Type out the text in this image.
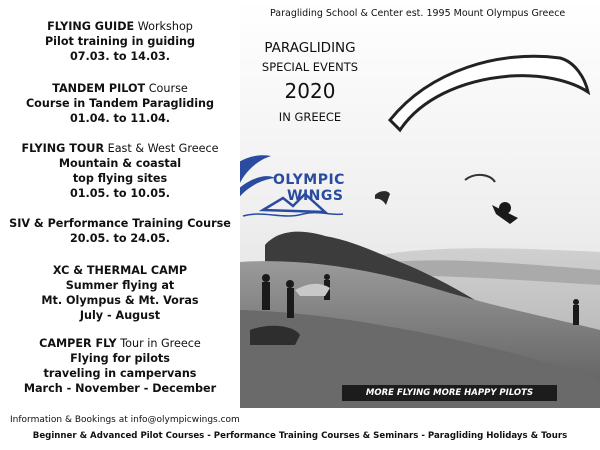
Paragliding School & Center est. 1995 Mount Olympus Greece
PARAGLIDING
SPECIAL EVENTS
2020
IN GREECE
OLYMPIC
WINGS
MORE FLYING MORE HAPPY PILOTS
FLYING GUIDE Workshop
Pilot training in guiding
07.03. to 14.03.
TANDEM PILOT Course
Course in Tandem Paragliding
01.04. to 11.04.
FLYING TOUR East & West Greece
Mountain & coastal
top flying sites
01.05. to 10.05.
SIV & Performance Training Course
20.05. to 24.05.
XC & THERMAL CAMP
Summer flying at
Mt. Olympus & Mt. Voras
July - August
CAMPER FLY Tour in Greece
Flying for pilots
traveling in campervans
March - November - December
Information & Bookings at info@olympicwings.com
Beginner & Advanced Pilot Courses - Performance Training Courses & Seminars - Paragliding Holidays & Tours
